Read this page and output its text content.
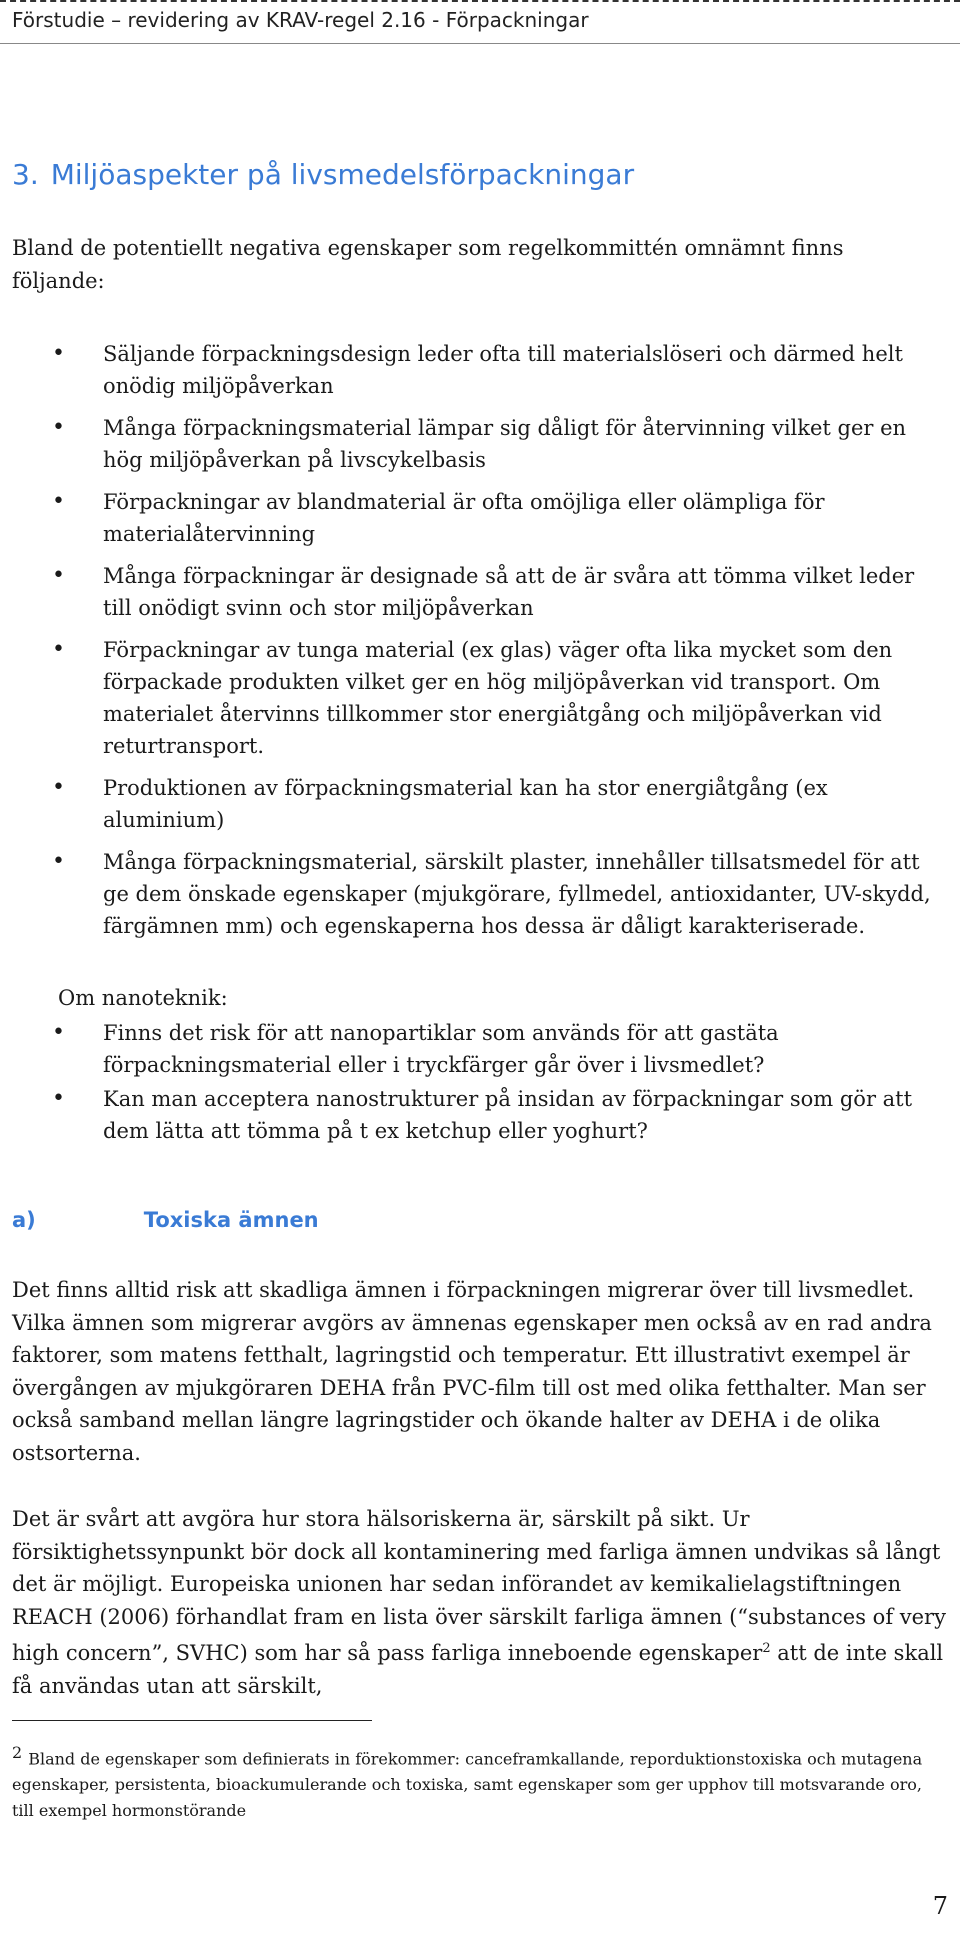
Förstudie – revidering av KRAV-regel 2.16 - Förpackningar
3. Miljöaspekter på livsmedelsförpackningar

Bland de potentiellt negativa egenskaper som regelkommittén omnämnt finns följande:

• Säljande förpackningsdesign leder ofta till materialslöseri och därmed helt onödig miljöpåverkan
• Många förpackningsmaterial lämpar sig dåligt för återvinning vilket ger en hög miljöpåverkan på livscykelbasis
• Förpackningar av blandmaterial är ofta omöjliga eller olämpliga för materialåtervinning
• Många förpackningar är designade så att de är svåra att tömma vilket leder till onödigt svinn och stor miljöpåverkan
• Förpackningar av tunga material (ex glas) väger ofta lika mycket som den förpackade produkten vilket ger en hög miljöpåverkan vid transport. Om materialet återvinns tillkommer stor energiåtgång och miljöpåverkan vid returtransport.
• Produktionen av förpackningsmaterial kan ha stor energiåtgång (ex aluminium)
• Många förpackningsmaterial, särskilt plaster, innehåller tillsatsmedel för att ge dem önskade egenskaper (mjukgörare, fyllmedel, antioxidanter, UV-skydd, färgämnen mm) och egenskaperna hos dessa är dåligt karakteriserade.

Om nanoteknik:

• Finns det risk för att nanopartiklar som används för att gastäta förpackningsmaterial eller i tryckfärger går över i livsmedlet?
• Kan man acceptera nanostrukturer på insidan av förpackningar som gör att dem lätta att tömma på t ex ketchup eller yoghurt?
a)	Toxiska ämnen

Det finns alltid risk att skadliga ämnen i förpackningen migrerar över till livsmedlet. Vilka ämnen som migrerar avgörs av ämnenas egenskaper men också av en rad andra faktorer, som matens fetthalt, lagringstid och temperatur. Ett illustrativt exempel är övergången av mjukgöraren DEHA från PVC-film till ost med olika fetthalter. Man ser också samband mellan längre lagringstider och ökande halter av DEHA i de olika ostsorterna.

Det är svårt att avgöra hur stora hälsoriskerna är, särskilt på sikt. Ur försiktighetssynpunkt bör dock all kontaminering med farliga ämnen undvikas så långt det är möjligt. Europeiska unionen har sedan införandet av kemikalielagstiftningen REACH (2006) förhandlat fram en lista över särskilt farliga ämnen (“substances of very high concern”, SVHC) som har så pass farliga inneboende egenskaper$^2$ att de inte skall få användas utan att särskilt,

$^2$ Bland de egenskaper som definierats in förekommer: canceframkallande, reporduktionstoxiska och mutagena egenskaper, persistenta, bioackumulerande och toxiska, samt egenskaper som ger upphov till motsvarande oro, till exempel hormonstörande

7
